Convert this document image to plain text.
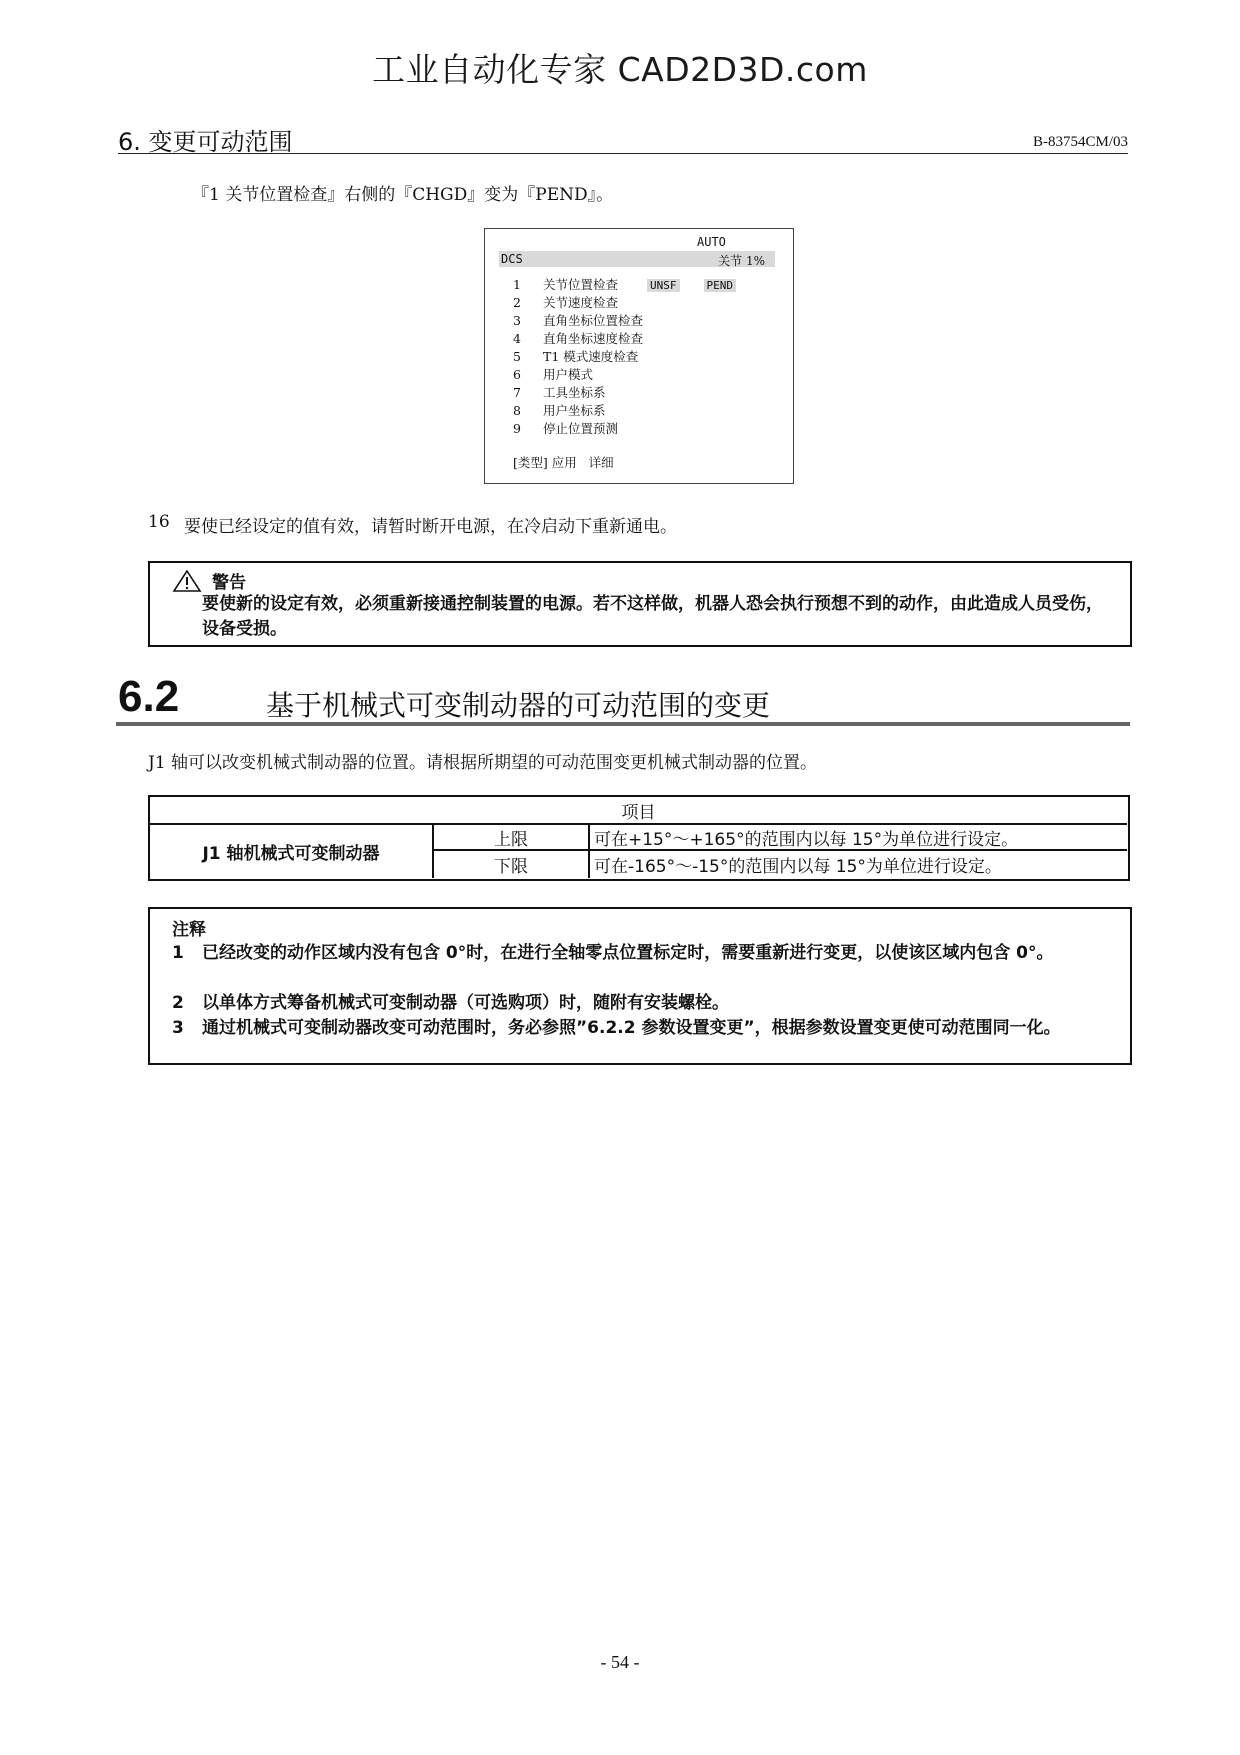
工业自动化专家 CAD2D3D.com
6. 变更可动范围	B-83754CM/03
『1 关节位置检查』右侧的『CHGD』变为『PEND』。
AUTO
DCS	关节 1%
1 关节位置检查	UNSF	PEND
2 关节速度检查
3 直角坐标位置检查
4 直角坐标速度检查
5 T1 模式速度检查
6 用户模式
7 工具坐标系
8 用户坐标系
9 停止位置预测
[类型] 应用   详细
16 要使已经设定的值有效，请暂时断开电源，在冷启动下重新通电。
警告
要使新的设定有效，必须重新接通控制装置的电源。若不这样做，机器人恐会执行预想不到的动作，由此造成人员受伤，设备受损。
6.2	基于机械式可变制动器的可动范围的变更
J1 轴可以改变机械式制动器的位置。请根据所期望的可动范围变更机械式制动器的位置。
项目
J1 轴机械式可变制动器
上限	可在+15°～+165°的范围内以每 15°为单位进行设定。
下限	可在-165°～-15°的范围内以每 15°为单位进行设定。
注释
1 已经改变的动作区域内没有包含 0°时，在进行全轴零点位置标定时，需要重新进行变更，以使该区域内包含 0°。
2 以单体方式筹备机械式可变制动器（可选购项）时，随附有安装螺栓。
3 通过机械式可变制动器改变可动范围时，务必参照”6.2.2 参数设置变更”，根据参数设置变更使可动范围同一化。
- 54 -
